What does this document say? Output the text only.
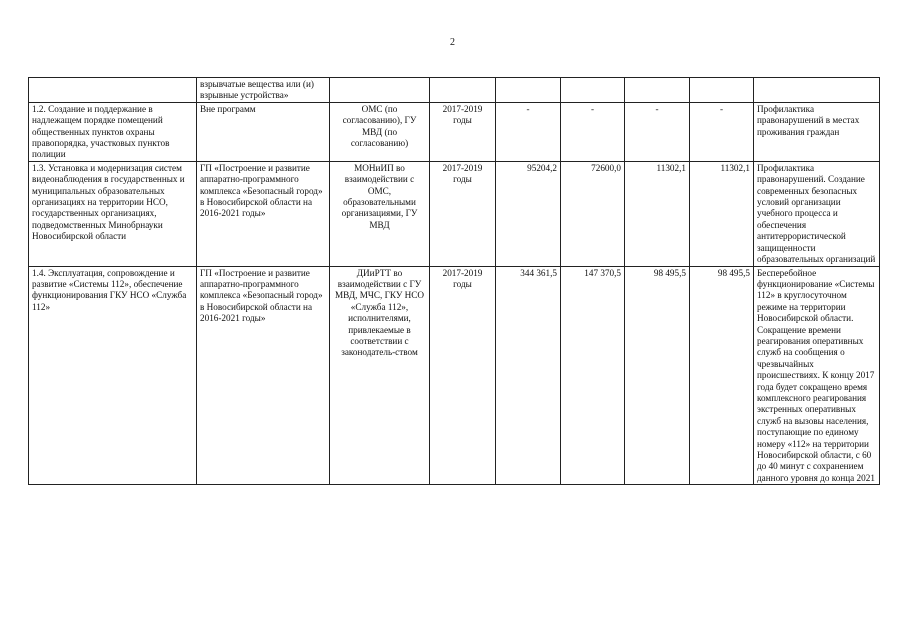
2
	взрывчатые вещества или (и) взрывные устройства»							
1.2. Создание и поддержание в надлежащем порядке помещений общественных пунктов охраны правопорядка, участковых пунктов полиции	Вне программ	ОМС (по согласованию), ГУ МВД (по согласованию)	2017-2019 годы	-	-	-	-	Профилактика правонарушений в местах проживания граждан
1.3. Установка и модернизация систем видеонаблюдения в государственных и муниципальных образовательных организациях на территории НСО, государственных организациях, подведомственных Минобрнауки Новосибирской области	ГП «Построение и развитие аппаратно-программного комплекса «Безопасный город» в Новосибирской области на 2016-2021 годы»	МОНиИП во взаимодействии с ОМС, образовательными организациями, ГУ МВД	2017-2019 годы	95204,2	72600,0	11302,1	11302,1	Профилактика правонарушений. Создание современных безопасных условий организации учебного процесса и обеспечения антитеррористической защищенности образовательных организаций
1.4. Эксплуатация, сопровождение и развитие «Системы 112», обеспечение функционирования ГКУ НСО «Служба 112»	ГП «Построение и развитие аппаратно-программного комплекса «Безопасный город» в Новосибирской области на 2016-2021 годы»	ДИиРТТ во взаимодействии с ГУ МВД, МЧС, ГКУ НСО «Служба 112», исполнителями, привлекаемые в соответствии с законодатель-ством	2017-2019 годы	344 361,5	147 370,5	98 495,5	98 495,5	Бесперебойное функционирование «Системы 112» в круглосуточном режиме на территории Новосибирской области. Сокращение времени реагирования оперативных служб на сообщения о чрезвычайных происшествиях. К концу 2017 года будет сокращено время комплексного реагирования экстренных оперативных служб на вызовы населения, поступающие по единому номеру «112» на территории Новосибирской области, с 60 до 40 минут с сохранением данного уровня до конца 2021
